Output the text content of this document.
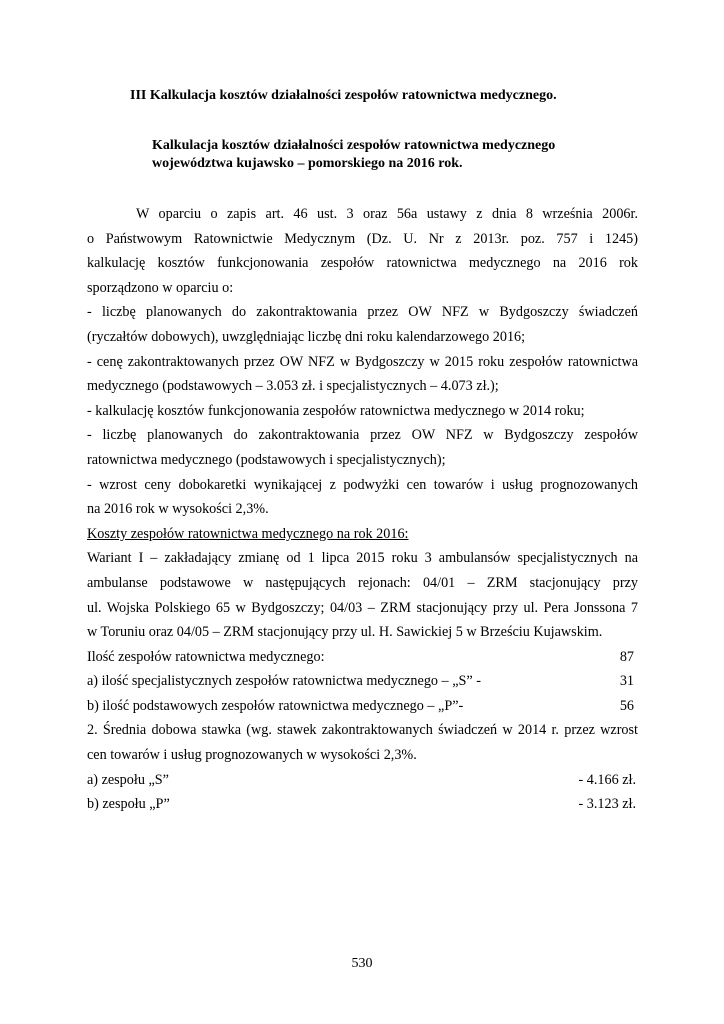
III Kalkulacja kosztów działalności zespołów ratownictwa medycznego.

Kalkulacja kosztów działalności zespołów ratownictwa medycznego
województwa kujawsko – pomorskiego na 2016 rok.

W oparciu o zapis art. 46 ust. 3 oraz 56a ustawy z dnia 8 września 2006r.

o Państwowym Ratownictwie Medycznym (Dz. U. Nr z 2013r. poz. 757 i 1245)

kalkulację kosztów funkcjonowania zespołów ratownictwa medycznego na 2016 rok

sporządzono w oparciu o:

- liczbę planowanych do zakontraktowania przez OW NFZ w Bydgoszczy świadczeń

(ryczałtów dobowych), uwzględniając liczbę dni roku kalendarzowego 2016;

- cenę zakontraktowanych przez OW NFZ w Bydgoszczy w 2015 roku zespołów ratownictwa

medycznego (podstawowych – 3.053 zł. i specjalistycznych – 4.073 zł.);

- kalkulację kosztów funkcjonowania zespołów ratownictwa medycznego w 2014 roku;

- liczbę planowanych do zakontraktowania przez OW NFZ w Bydgoszczy zespołów

ratownictwa medycznego (podstawowych i specjalistycznych);

- wzrost ceny dobokaretki wynikającej z podwyżki cen towarów i usług prognozowanych

na 2016 rok w wysokości 2,3%.

Koszty zespołów ratownictwa medycznego na rok 2016:

Wariant I – zakładający zmianę od 1 lipca 2015 roku 3 ambulansów specjalistycznych na

ambulanse podstawowe w następujących rejonach: 04/01 – ZRM stacjonujący przy

ul. Wojska Polskiego 65 w Bydgoszczy; 04/03 – ZRM stacjonujący przy ul. Pera Jonssona 7

w Toruniu oraz 04/05 – ZRM stacjonujący przy ul. H. Sawickiej 5 w Brześciu Kujawskim.

Ilość zespołów ratownictwa medycznego:	87
a) ilość specjalistycznych zespołów ratownictwa medycznego – „S” -	31
b) ilość podstawowych zespołów ratownictwa medycznego – „P”-	56

2. Średnia dobowa stawka (wg. stawek zakontraktowanych świadczeń w 2014 r. przez wzrost

cen towarów i usług prognozowanych w wysokości 2,3%.

a) zespołu „S”	- 4.166 zł.
b) zespołu „P”	- 3.123 zł.
530
